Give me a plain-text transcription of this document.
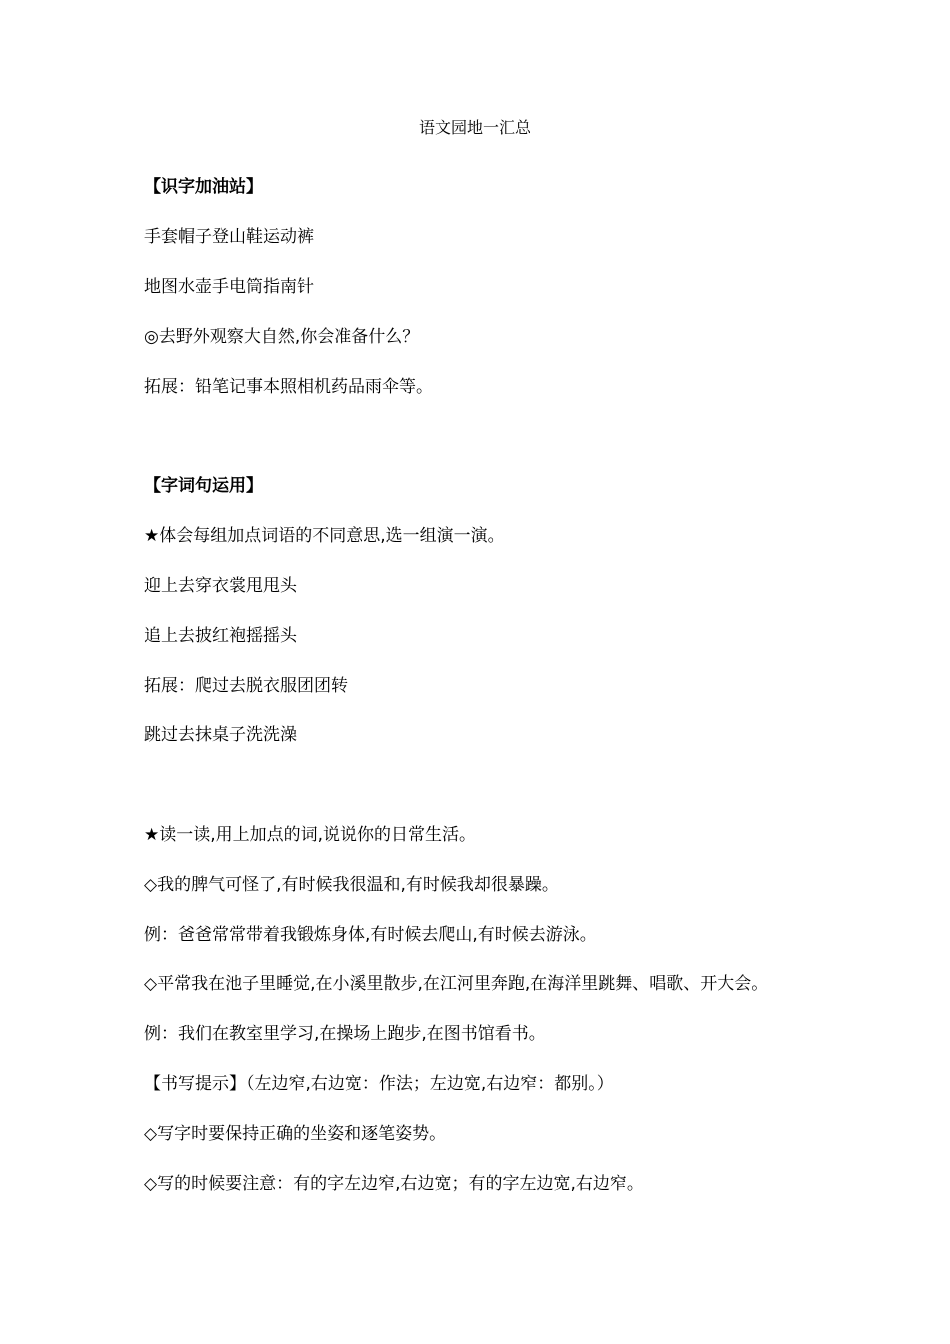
语文园地一汇总
【识字加油站】
手套帽子登山鞋运动裤
地图水壶手电筒指南针
◎去野外观察大自然,你会准备什么？
拓展：铅笔记事本照相机药品雨伞等。
【字词句运用】
★体会每组加点词语的不同意思,选一组演一演。
迎上去穿衣裳甩甩头
追上去披红袍摇摇头
拓展：爬过去脱衣服团团转
跳过去抹桌子洗洗澡
★读一读,用上加点的词,说说你的日常生活。
◇我的脾气可怪了,有时候我很温和,有时候我却很暴躁。
例：爸爸常常带着我锻炼身体,有时候去爬山,有时候去游泳。
◇平常我在池子里睡觉,在小溪里散步,在江河里奔跑,在海洋里跳舞、唱歌、开大会。
例：我们在教室里学习,在操场上跑步,在图书馆看书。
【书写提示】（左边窄,右边宽：作法；左边宽,右边窄：都别。）
◇写字时要保持正确的坐姿和逐笔姿势。
◇写的时候要注意：有的字左边窄,右边宽；有的字左边宽,右边窄。
